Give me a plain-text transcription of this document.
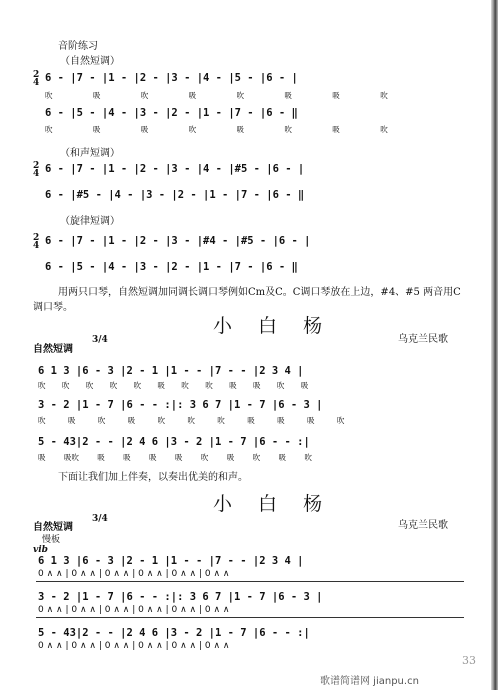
音阶练习
（自然短调）
2
4 6 - |7 - |1 - |2 - |3 - |4 - |5 - |6 - |
吹 吸 吹 吸 吹 吸 吸 吹
6 - |5 - |4 - |3 - |2 - |1 - |7 - |6 - ‖
吹 吸 吸 吹 吸 吹 吸 吹
（和声短调）
2
4 6 - |7 - |1 - |2 - |3 - |4 - |#5 - |6 - |
6 - |#5 - |4 - |3 - |2 - |1 - |7 - |6 - ‖
（旋律短调）
2
4 6 - |7 - |1 - |2 - |3 - |#4 - |#5 - |6 - |
6 - |5 - |4 - |3 - |2 - |1 - |7 - |6 - ‖
用两只口琴，自然短调加同调长调口琴例如Cm及C。C调口琴放在上边，#4、#5 两音用C
调口琴。
小 白 杨
自然短调
3/4	乌克兰民歌
6 1 3 |6 - 3 |2 - 1 |1 - - |7 - - |2 3 4 |
吹 吹 吹 吹 吹 吸 吹 吹 吸 吸 吹 吸
3 - 2 |1 - 7 |6 - - :|: 3 6 7 |1 - 7 |6 - 3 |
吹 吸 吹 吸 吹 吹 吹 吸 吸 吸 吹
5 - 43|2 - - |2 4 6 |3 - 2 |1 - 7 |6 - - :|
吸 吸吹 吸 吸 吸 吸 吹 吸 吹 吸 吹
下面让我们加上伴奏，以奏出优美的和声。
小 白 杨
自然短调
3/4
乌克兰民歌
慢板
vib
6 1 3 |6 - 3 |2 - 1 |1 - - |7 - - |2 3 4 |
0 ∧ ∧ | 0 ∧ ∧ | 0 ∧ ∧ | 0 ∧ ∧ | 0 ∧ ∧ | 0 ∧ ∧
3 - 2 |1 - 7 |6 - - :|: 3 6 7 |1 - 7 |6 - 3 |
0 ∧ ∧ | 0 ∧ ∧ | 0 ∧ ∧ | 0 ∧ ∧ | 0 ∧ ∧ | 0 ∧ ∧
5 - 43|2 - - |2 4 6 |3 - 2 |1 - 7 |6 - - :|
0 ∧ ∧ | 0 ∧ ∧ | 0 ∧ ∧ | 0 ∧ ∧ | 0 ∧ ∧ | 0 ∧ ∧
33
歌谱简谱网 jianpu.cn
